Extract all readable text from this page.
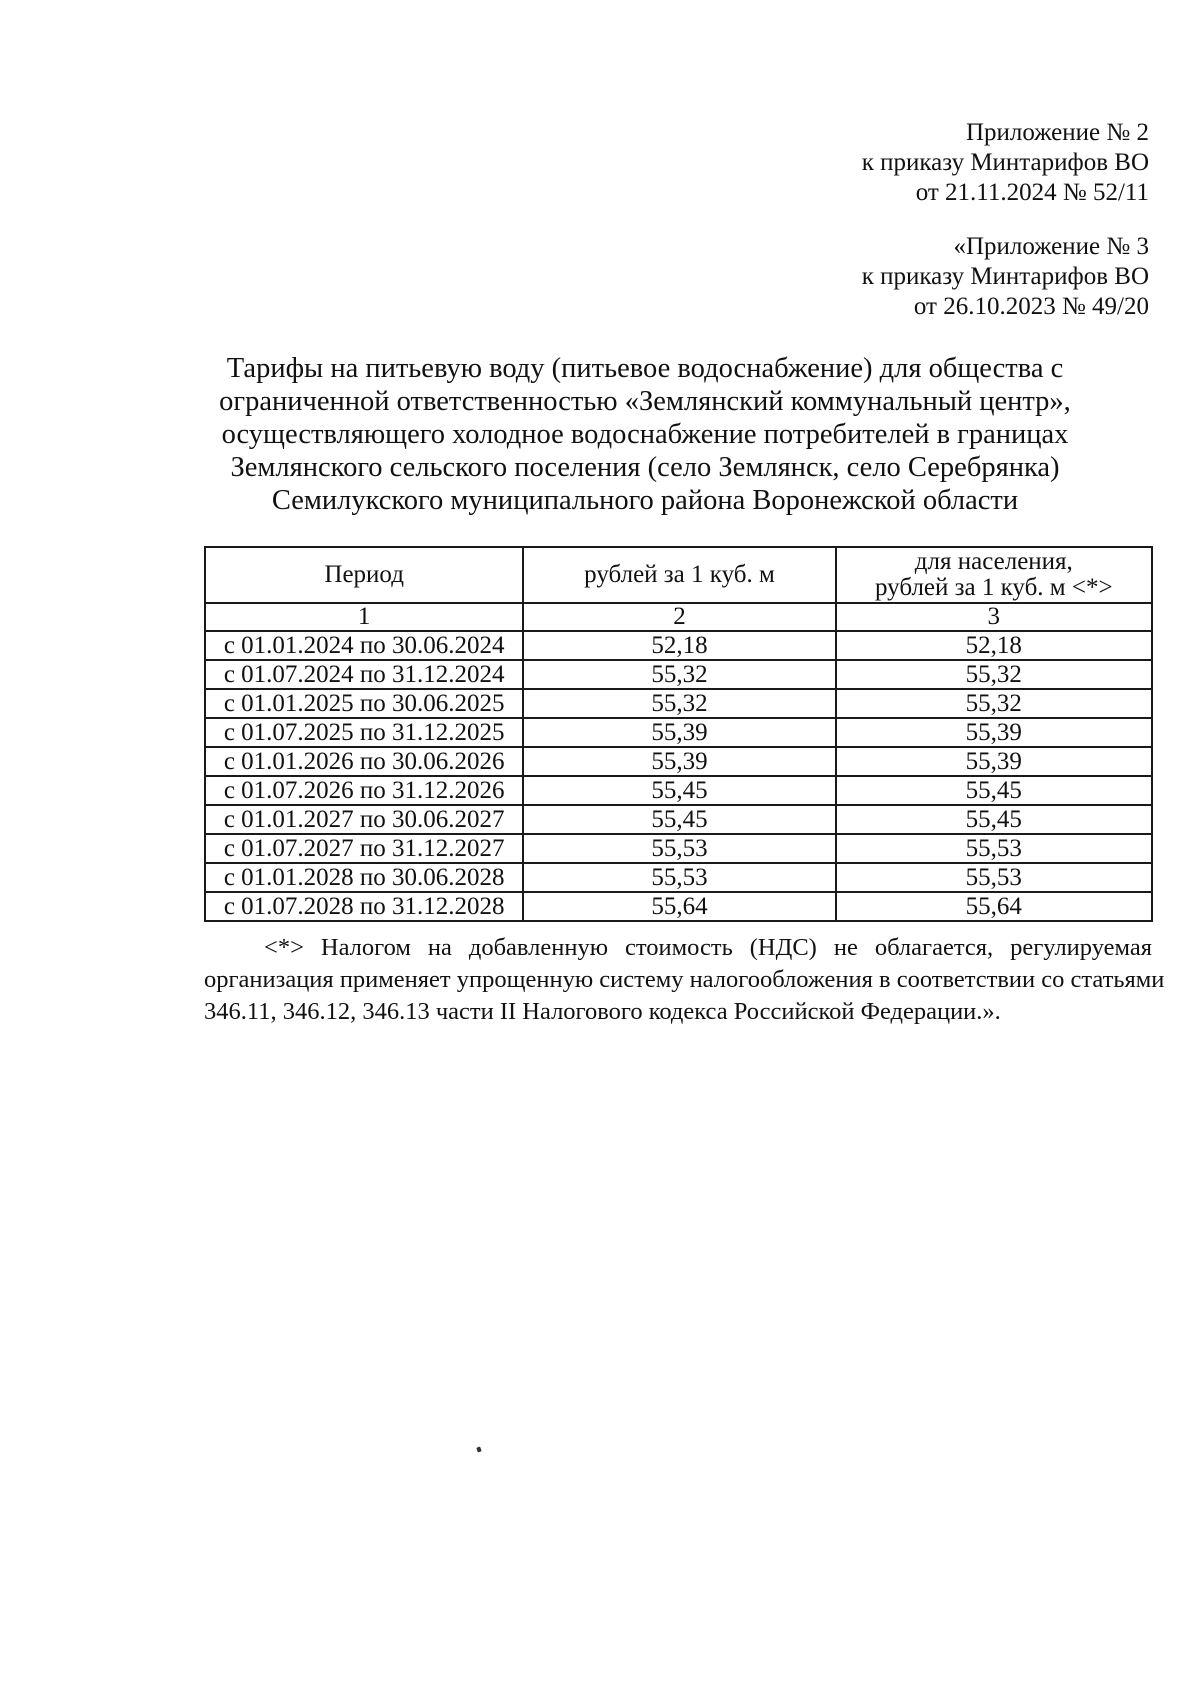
Приложение № 2
к приказу Минтарифов ВО
от 21.11.2024 № 52/11
«Приложение № 3
к приказу Минтарифов ВО
от 26.10.2023 № 49/20
Тарифы на питьевую воду (питьевое водоснабжение) для общества с
ограниченной ответственностью «Землянский коммунальный центр»,
осуществляющего холодное водоснабжение потребителей в границах
Землянского сельского поселения (село Землянск, село Серебрянка)
Семилукского муниципального района Воронежской области
Период	рублей за 1 куб. м	для населения,
рублей за 1 куб. м <*>
1	2	3
с 01.01.2024 по 30.06.2024	52,18	52,18
с 01.07.2024 по 31.12.2024	55,32	55,32
с 01.01.2025 по 30.06.2025	55,32	55,32
с 01.07.2025 по 31.12.2025	55,39	55,39
с 01.01.2026 по 30.06.2026	55,39	55,39
с 01.07.2026 по 31.12.2026	55,45	55,45
с 01.01.2027 по 30.06.2027	55,45	55,45
с 01.07.2027 по 31.12.2027	55,53	55,53
с 01.01.2028 по 30.06.2028	55,53	55,53
с 01.07.2028 по 31.12.2028	55,64	55,64
<*> Налогом на добавленную стоимость (НДС) не облагается, регулируемая
организация применяет упрощенную систему налогообложения в соответствии со статьями
346.11, 346.12, 346.13 части II Налогового кодекса Российской Федерации.».
